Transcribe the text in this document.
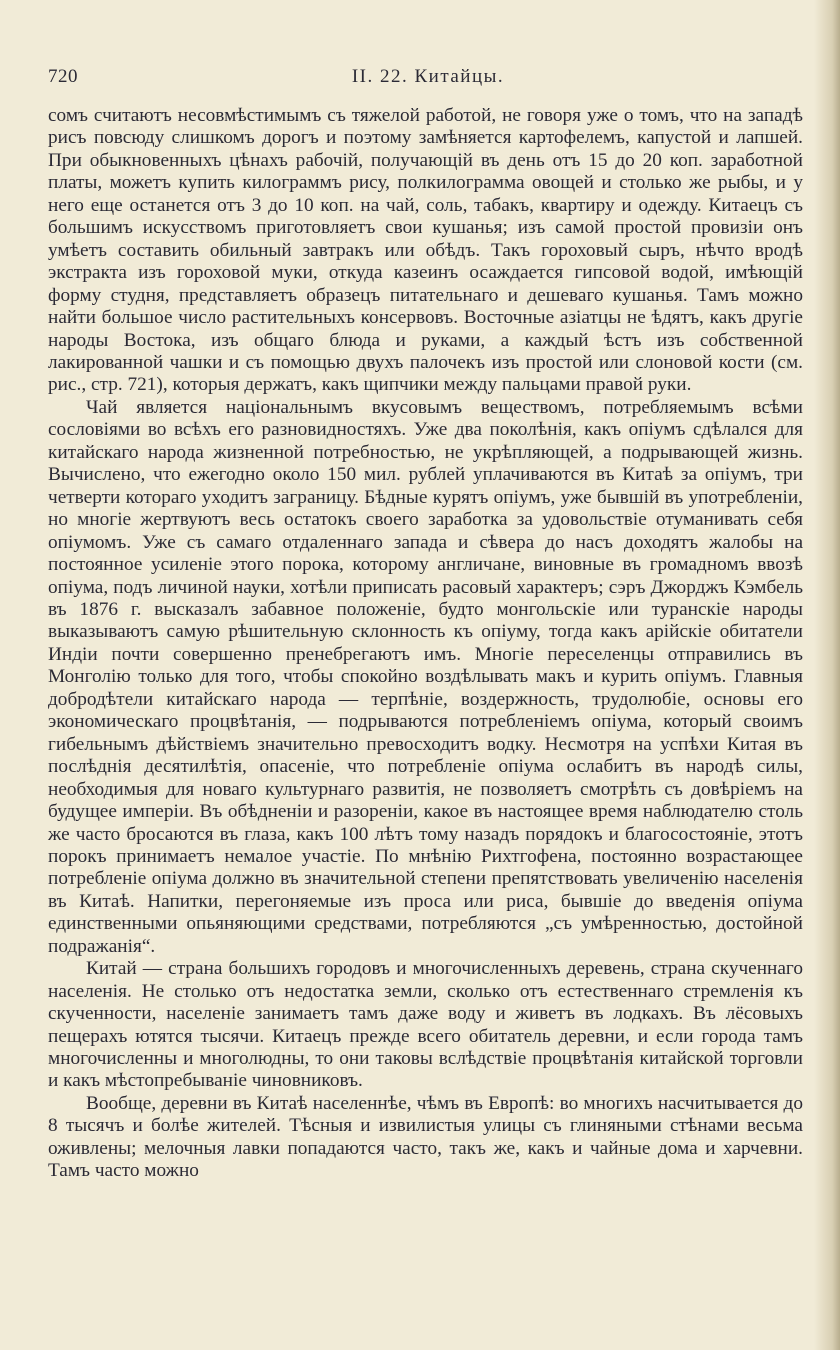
720	II. 22. Китайцы.

сомъ считаютъ несовмѣстимымъ съ тяжелой работой, не говоря уже о томъ, что на западѣ рисъ повсюду слишкомъ дорогъ и поэтому замѣняется картофелемъ, капустой и лапшей. При обыкновенныхъ цѣнахъ рабочій, получающій въ день отъ 15 до 20 коп. заработной платы, можетъ купить килограммъ рису, полкилограмма овощей и столько же рыбы, и у него еще останется отъ 3 до 10 коп. на чай, соль, табакъ, квартиру и одежду. Китаецъ съ большимъ искусствомъ приготовляетъ свои кушанья; изъ самой простой провизіи онъ умѣетъ составить обильный завтракъ или обѣдъ. Такъ гороховый сыръ, нѣчто вродѣ экстракта изъ гороховой муки, откуда казеинъ осаждается гипсовой водой, имѣющій форму студня, представляетъ образецъ питательнаго и дешеваго кушанья. Тамъ можно найти большое число растительныхъ консервовъ. Восточные азіатцы не ѣдятъ, какъ другіе народы Востока, изъ общаго блюда и руками, а каждый ѣстъ изъ собственной лакированной чашки и съ помощью двухъ палочекъ изъ простой или слоновой кости (см. рис., стр. 721), которыя держатъ, какъ щипчики между пальцами правой руки.

Чай является національнымъ вкусовымъ веществомъ, потребляемымъ всѣми сословіями во всѣхъ его разновидностяхъ. Уже два поколѣнія, какъ опіумъ сдѣлался для китайскаго народа жизненной потребностью, не укрѣпляющей, а подрывающей жизнь. Вычислено, что ежегодно около 150 мил. рублей уплачиваются въ Китаѣ за опіумъ, три четверти котораго уходитъ заграницу. Бѣдные курятъ опіумъ, уже бывшій въ употребленіи, но многіе жертвуютъ весь остатокъ своего заработка за удовольствіе отуманивать себя опіумомъ. Уже съ самаго отдаленнаго запада и сѣвера до насъ доходятъ жалобы на постоянное усиленіе этого порока, которому англичане, виновные въ громадномъ ввозѣ опіума, подъ личиной науки, хотѣли приписать расовый характеръ; сэръ Джорджъ Кэмбель въ 1876 г. высказалъ забавное положеніе, будто монгольскіе или туранскіе народы выказываютъ самую рѣшительную склонность къ опіуму, тогда какъ арійскіе обитатели Индіи почти совершенно пренебрегаютъ имъ. Многіе переселенцы отправились въ Монголію только для того, чтобы спокойно воздѣлывать макъ и курить опіумъ. Главныя добродѣтели китайскаго народа — терпѣніе, воздержность, трудолюбіе, основы его экономическаго процвѣтанія, — подрываются потребленіемъ опіума, который своимъ гибельнымъ дѣйствіемъ значительно превосходитъ водку. Несмотря на успѣхи Китая въ послѣднія десятилѣтія, опасеніе, что потребленіе опіума ослабитъ въ народѣ силы, необходимыя для новаго культурнаго развитія, не позволяетъ смотрѣть съ довѣріемъ на будущее имперіи. Въ обѣдненіи и разореніи, какое въ настоящее время наблюдателю столь же часто бросаются въ глаза, какъ 100 лѣтъ тому назадъ порядокъ и благосостояніе, этотъ порокъ принимаетъ немалое участіе. По мнѣнію Рихтгофена, постоянно возрастающее потребленіе опіума должно въ значительной степени препятствовать увеличенію населенія въ Китаѣ. Напитки, перегоняемые изъ проса или риса, бывшіе до введенія опіума единственными опьяняющими средствами, потребляются „съ умѣренностью, достойной подражанія“.

Китай — страна большихъ городовъ и многочисленныхъ деревень, страна скученнаго населенія. Не столько отъ недостатка земли, сколько отъ естественнаго стремленія къ скученности, населеніе занимаетъ тамъ даже воду и живетъ въ лодкахъ. Въ лёсовыхъ пещерахъ ютятся тысячи. Китаецъ прежде всего обитатель деревни, и если города тамъ многочисленны и многолюдны, то они таковы вслѣдствіе процвѣтанія китайской торговли и какъ мѣстопребываніе чиновниковъ.

Вообще, деревни въ Китаѣ населеннѣе, чѣмъ въ Европѣ: во многихъ насчитывается до 8 тысячъ и болѣе жителей. Тѣсныя и извилистыя улицы съ глиняными стѣнами весьма оживлены; мелочныя лавки попадаются часто, такъ же, какъ и чайные дома и харчевни. Тамъ часто можно
